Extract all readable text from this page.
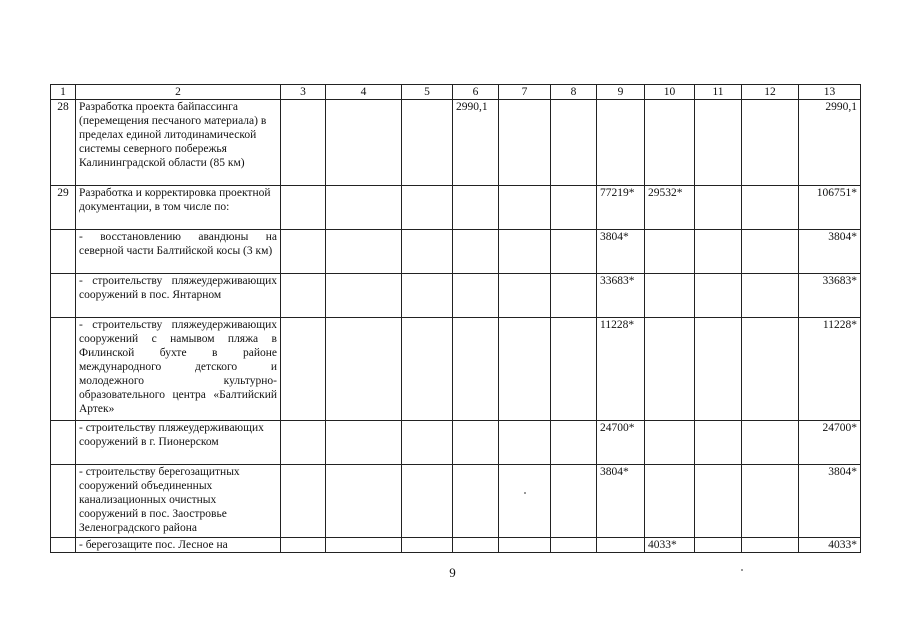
1	2	3	4	5	6	7	8	9	10	11	12	13
28	Разработка проекта байпассинга (перемещения песчаного материала) в пределах единой литодинамической системы северного побережья Калининградской области (85 км)				2990,1							2990,1
29	Разработка и корректировка проектной документации, в том числе по:							77219*	29532*			106751*
	- восстановлению авандюны на северной части Балтийской косы (3 км)							3804*				3804*
	- строительству пляжеудерживающих сооружений в пос. Янтарном							33683*				33683*
	- строительству пляжеудерживающих сооружений с намывом пляжа в Филинской бухте в районе международного детского и молодежного культурно-образовательного центра «Балтийский Артек»							11228*				11228*
	- строительству пляжеудерживающих сооружений в г. Пионерском							24700*				24700*
	- строительству берегозащитных сооружений объединенных канализационных очистных сооружений в пос. Заостровье Зеленоградского района							3804*				3804*
	- берегозащите пос. Лесное на								4033*			4033*
9
